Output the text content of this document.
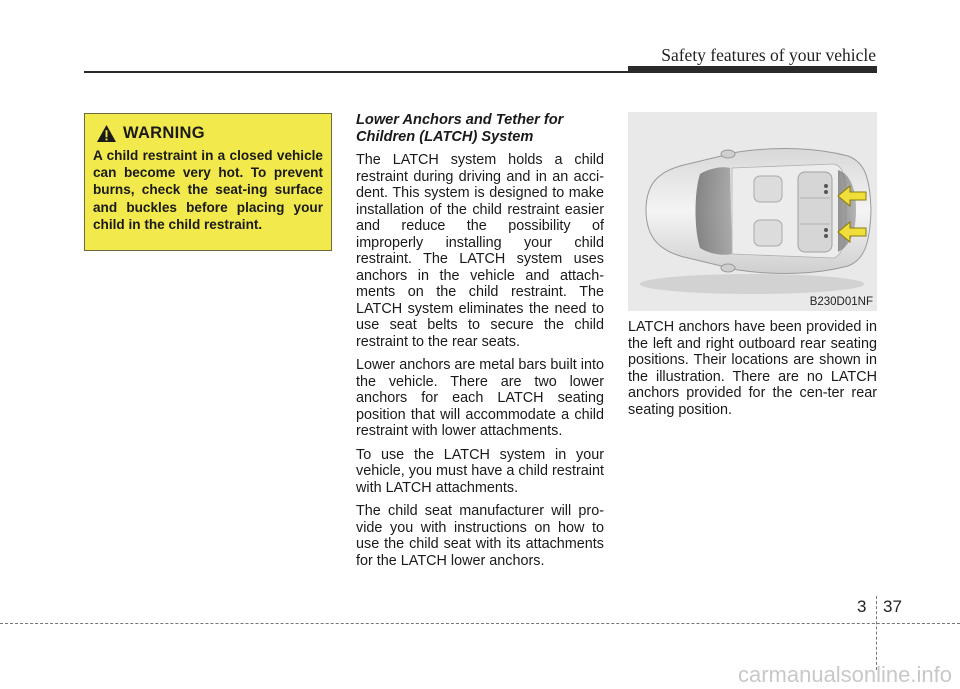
Safety features of your vehicle
WARNING

A child restraint in a closed vehicle can become very hot. To prevent burns, check the seat-ing surface and buckles before placing your child in the child restraint.

Lower Anchors and Tether for Children (LATCH) System

The LATCH system holds a child restraint during driving and in an acci-dent. This system is designed to make installation of the child restraint easier and reduce the possibility of improperly installing your child restraint. The LATCH system uses anchors in the vehicle and attach-ments on the child restraint. The LATCH system eliminates the need to use seat belts to secure the child restraint to the rear seats.

Lower anchors are metal bars built into the vehicle. There are two lower anchors for each LATCH seating position that will accommodate a child restraint with lower attachments.

To use the LATCH system in your vehicle, you must have a child restraint with LATCH attachments.

The child seat manufacturer will pro-vide you with instructions on how to use the child seat with its attachments for the LATCH lower anchors.

B230D01NF

LATCH anchors have been provided in the left and right outboard rear seating positions. Their locations are shown in the illustration. There are no LATCH anchors provided for the cen-ter rear seating position.

3 37
carmanualsonline.info
